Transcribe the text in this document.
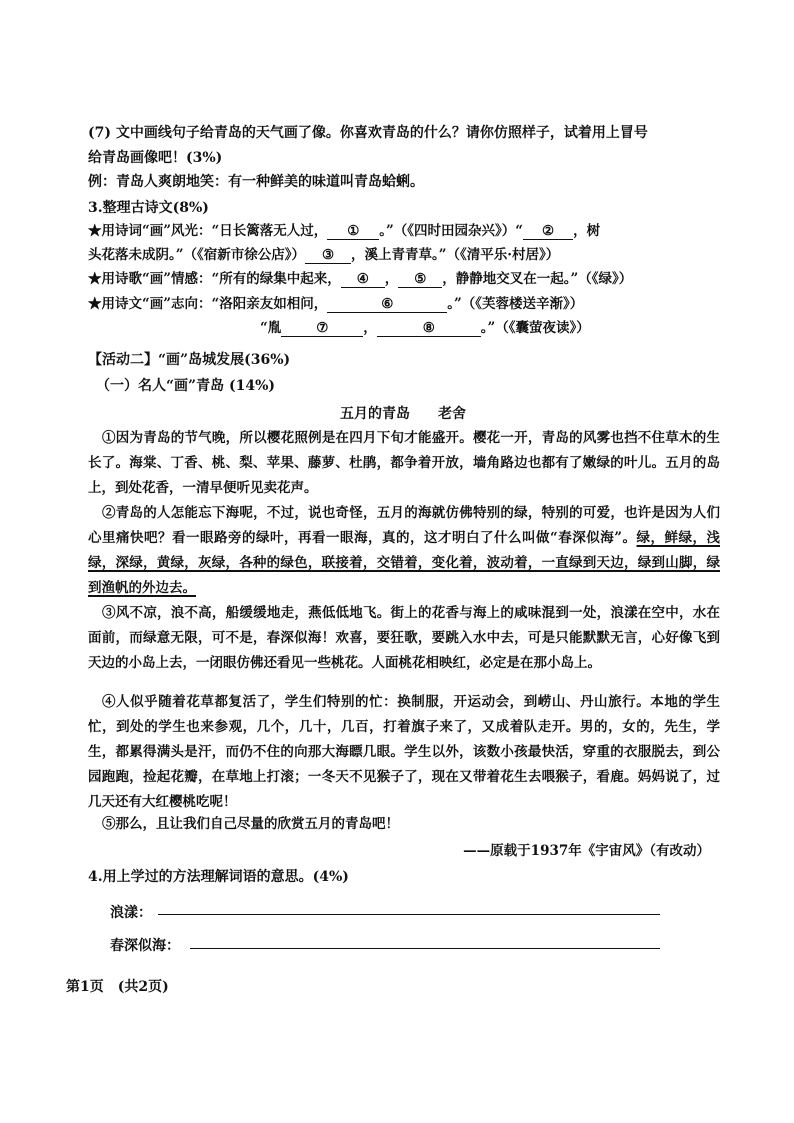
(7) 文中画线句子给青岛的天气画了像。你喜欢青岛的什么？请你仿照样子，试着用上冒号
给青岛画像吧！(3%)
例：青岛人爽朗地笑：有一种鲜美的味道叫青岛蛤蜊。
3.整理古诗文(8%)
★用诗词“画”风光：“日长篱落无人过， ① 。”（《四时田园杂兴》）“ ② ，树
头花落未成阴。”（《宿新市徐公店》） ③ ，溪上青青草。”（《清平乐·村居》）
★用诗歌“画”情感：“所有的绿集中起来， ④ ， ⑤ ，静静地交叉在一起。”（《绿》）
★用诗文“画”志向：“洛阳亲友如相问，	⑥	。”（《芙蓉楼送辛渐》）
“胤	⑦	，	⑧	。”（《囊萤夜读》）
【活动二】“画”岛城发展(36%)
（一）名人“画”青岛 (14%)
五月的青岛　　老舍
①因为青岛的节气晚，所以樱花照例是在四月下旬才能盛开。樱花一开，青岛的风雾也挡不住草木的生长了。海棠、丁香、桃、梨、苹果、藤萝、杜鹃，都争着开放，墙角路边也都有了嫩绿的叶儿。五月的岛上，到处花香，一清早便听见卖花声。
②青岛的人怎能忘下海呢，不过，说也奇怪，五月的海就仿佛特别的绿，特别的可爱，也许是因为人们心里痛快吧？看一眼路旁的绿叶，再看一眼海，真的，这才明白了什么叫做“春深似海”。绿，鲜绿，浅绿，深绿，黄绿，灰绿，各种的绿色，联接着，交错着，变化着，波动着，一直绿到天边，绿到山脚，绿到渔帆的外边去。
③风不凉，浪不高，船缓缓地走，燕低低地飞。街上的花香与海上的咸味混到一处，浪漾在空中，水在面前，而绿意无限，可不是，春深似海！欢喜，要狂歌，要跳入水中去，可是只能默默无言，心好像飞到天边的小岛上去，一闭眼仿佛还看见一些桃花。人面桃花相映红，必定是在那小岛上。
④人似乎随着花草都复活了，学生们特别的忙：换制服，开运动会，到崂山、丹山旅行。本地的学生忙，到处的学生也来参观，几个，几十，几百，打着旗子来了，又成着队走开。男的，女的，先生，学生，都累得满头是汗，而仍不住的向那大海瞟几眼。学生以外，该数小孩最快活，穿重的衣服脱去，到公园跑跑，捡起花瓣，在草地上打滚；一冬天不见猴子了，现在又带着花生去喂猴子，看鹿。妈妈说了，过几天还有大红樱桃吃呢！
⑤那么，且让我们自己尽量的欣赏五月的青岛吧！
——原载于1937年《宇宙风》（有改动）
4.用上学过的方法理解词语的意思。(4%)
浪漾：
春深似海：
第1页　(共2页)
